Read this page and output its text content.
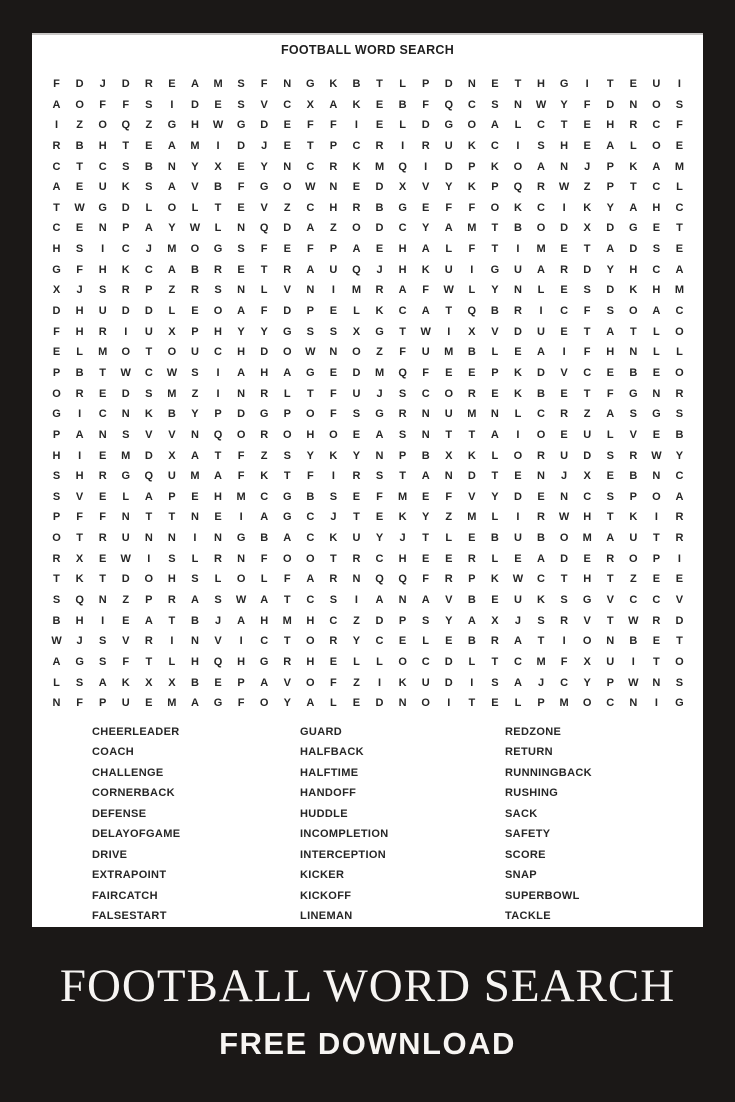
FOOTBALL WORD SEARCH
F	D	J	D	R	E	A	M	S	F	N	G	K	B	T	L	P	D	N	E	T	H	G	I	T	E	U	I
A	O	F	F	S	I	D	E	S	V	C	X	A	K	E	B	F	Q	C	S	N	W	Y	F	D	N	O	S
I	Z	O	Q	Z	G	H	W	G	D	E	F	F	I	E	L	D	G	O	A	L	C	T	E	H	R	C	F
R	B	H	T	E	A	M	I	D	J	E	T	P	C	R	I	R	U	K	C	I	S	H	E	A	L	O	E
C	T	C	S	B	N	Y	X	E	Y	N	C	R	K	M	Q	I	D	P	K	O	A	N	J	P	K	A	M
A	E	U	K	S	A	V	B	F	G	O	W	N	E	D	X	V	Y	K	P	Q	R	W	Z	P	T	C	L
T	W	G	D	L	O	L	T	E	V	Z	C	H	R	B	G	E	F	F	O	K	C	I	K	Y	A	H	C
C	E	N	P	A	Y	W	L	N	Q	D	A	Z	O	D	C	Y	A	M	T	B	O	D	X	D	G	E	T
H	S	I	C	J	M	O	G	S	F	E	F	P	A	E	H	A	L	F	T	I	M	E	T	A	D	S	E
G	F	H	K	C	A	B	R	E	T	R	A	U	Q	J	H	K	U	I	G	U	A	R	D	Y	H	C	A
X	J	S	R	P	Z	R	S	N	L	V	N	I	M	R	A	F	W	L	Y	N	L	E	S	D	K	H	M
D	H	U	D	D	L	E	O	A	F	D	P	E	L	K	C	A	T	Q	B	R	I	C	F	S	O	A	C
F	H	R	I	U	X	P	H	Y	Y	G	S	S	X	G	T	W	I	X	V	D	U	E	T	A	T	L	O
E	L	M	O	T	O	U	C	H	D	O	W	N	O	Z	F	U	M	B	L	E	A	I	F	H	N	L	L
P	B	T	W	C	W	S	I	A	H	A	G	E	D	M	Q	F	E	E	P	K	D	V	C	E	B	E	O
O	R	E	D	S	M	Z	I	N	R	L	T	F	U	J	S	C	O	R	E	K	B	E	T	F	G	N	R
G	I	C	N	K	B	Y	P	D	G	P	O	F	S	G	R	N	U	M	N	L	C	R	Z	A	S	G	S
P	A	N	S	V	V	N	Q	O	R	O	H	O	E	A	S	N	T	T	A	I	O	E	U	L	V	E	B
H	I	E	M	D	X	A	T	F	Z	S	Y	K	Y	N	P	B	X	K	L	O	R	U	D	S	R	W	Y
S	H	R	G	Q	U	M	A	F	K	T	F	I	R	S	T	A	N	D	T	E	N	J	X	E	B	N	C
S	V	E	L	A	P	E	H	M	C	G	B	S	E	F	M	E	F	V	Y	D	E	N	C	S	P	O	A
P	F	F	N	T	T	N	E	I	A	G	C	J	T	E	K	Y	Z	M	L	I	R	W	H	T	K	I	R
O	T	R	U	N	N	I	N	G	B	A	C	K	U	Y	J	T	L	E	B	U	B	O	M	A	U	T	R
R	X	E	W	I	S	L	R	N	F	O	O	T	R	C	H	E	E	R	L	E	A	D	E	R	O	P	I
T	K	T	D	O	H	S	L	O	L	F	A	R	N	Q	Q	F	R	P	K	W	C	T	H	T	Z	E	E
S	Q	N	Z	P	R	A	S	W	A	T	C	S	I	A	N	A	V	B	E	U	K	S	G	V	C	C	V
B	H	I	E	A	T	B	J	A	H	M	H	C	Z	D	P	S	Y	A	X	J	S	R	V	T	W	R	D
W	J	S	V	R	I	N	V	I	C	T	O	R	Y	C	E	L	E	B	R	A	T	I	O	N	B	E	T
A	G	S	F	T	L	H	Q	H	G	R	H	E	L	L	O	C	D	L	T	C	M	F	X	U	I	T	O
L	S	A	K	X	X	B	E	P	A	V	O	F	Z	I	K	U	D	I	S	A	J	C	Y	P	W	N	S
N	F	P	U	E	M	A	G	F	O	Y	A	L	E	D	N	O	I	T	E	L	P	M	O	C	N	I	G
CHEERLEADER
COACH
CHALLENGE
CORNERBACK
DEFENSE
DELAYOFGAME
DRIVE
EXTRAPOINT
FAIRCATCH
FALSESTART
GUARD
HALFBACK
HALFTIME
HANDOFF
HUDDLE
INCOMPLETION
INTERCEPTION
KICKER
KICKOFF
LINEMAN
REDZONE
RETURN
RUNNINGBACK
RUSHING
SACK
SAFETY
SCORE
SNAP
SUPERBOWL
TACKLE
FOOTBALL WORD SEARCH
FREE DOWNLOAD
